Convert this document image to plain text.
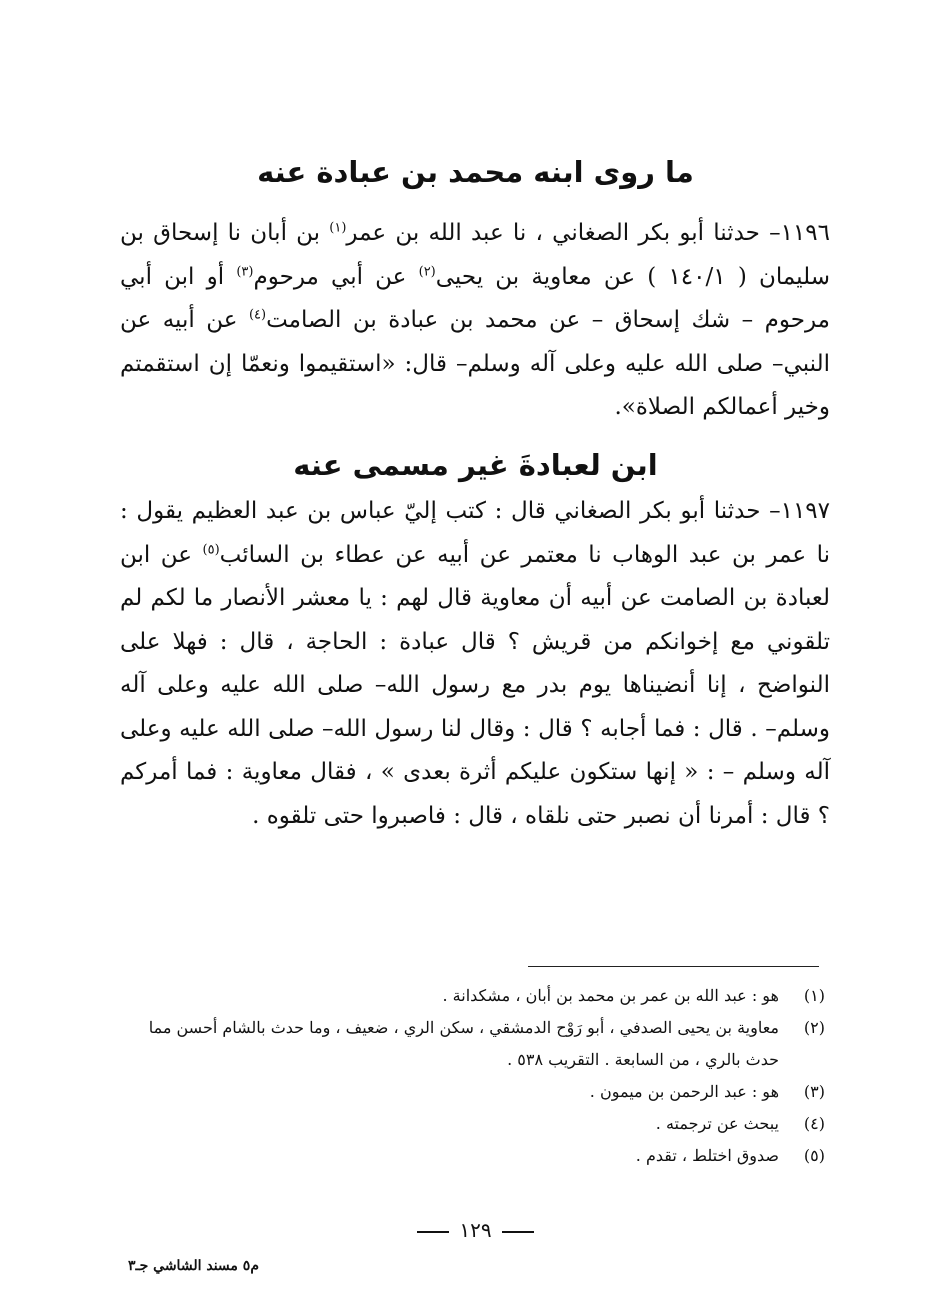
ما روى ابنه محمد بن عبادة عنه
١١٩٦– حدثنا أبو بكر الصغاني ، نا عبد الله بن عمر$^{(١)}$ بن أبان نا إسحاق بن سليمان ( ١٤٠/١ ) عن معاوية بن يحيى$^{(٢)}$ عن أبي مرحوم$^{(٣)}$ أو ابن أبي مرحوم – شك إسحاق – عن محمد بن عبادة بن الصامت$^{(٤)}$ عن أبيه عن النبي– صلى الله عليه وعلى آله وسلم– قال: «استقيموا ونعمّا إن استقمتم وخير أعمالكم الصلاة».
ابن لعبادةَ غير مسمى عنه
١١٩٧– حدثنا أبو بكر الصغاني قال : كتب إليّ عباس بن عبد العظيم يقول : نا عمر بن عبد الوهاب نا معتمر عن أبيه عن عطاء بن السائب$^{(٥)}$ عن ابن لعبادة بن الصامت عن أبيه أن معاوية قال لهم : يا معشر الأنصار ما لكم لم تلقوني مع إخوانكم من قريش ؟ قال عبادة : الحاجة ، قال : فهلا على النواضح ، إنا أنضيناها يوم بدر مع رسول الله– صلى الله عليه وعلى آله وسلم– . قال : فما أجابه ؟ قال : وقال لنا رسول الله– صلى الله عليه وعلى آله وسلم – : « إنها ستكون عليكم أثرة بعدى » ، فقال معاوية : فما أمركم ؟ قال : أمرنا أن نصبر حتى نلقاه ، قال : فاصبروا حتى تلقوه .
(١)
هو : عبد الله بن عمر بن محمد بن أبان ، مشكدانة .
(٢)
معاوية بن يحيى الصدفي ، أبو رَوْح الدمشقي ، سكن الري ، ضعيف ، وما حدث بالشام أحسن مما حدث بالري ، من السابعة . التقريب ٥٣٨ .
(٣)
هو : عبد الرحمن بن ميمون .
(٤)
يبحث عن ترجمته .
(٥)
صدوق اختلط ، تقدم .
١٢٩
م٥ مسند الشاشي جـ٣
